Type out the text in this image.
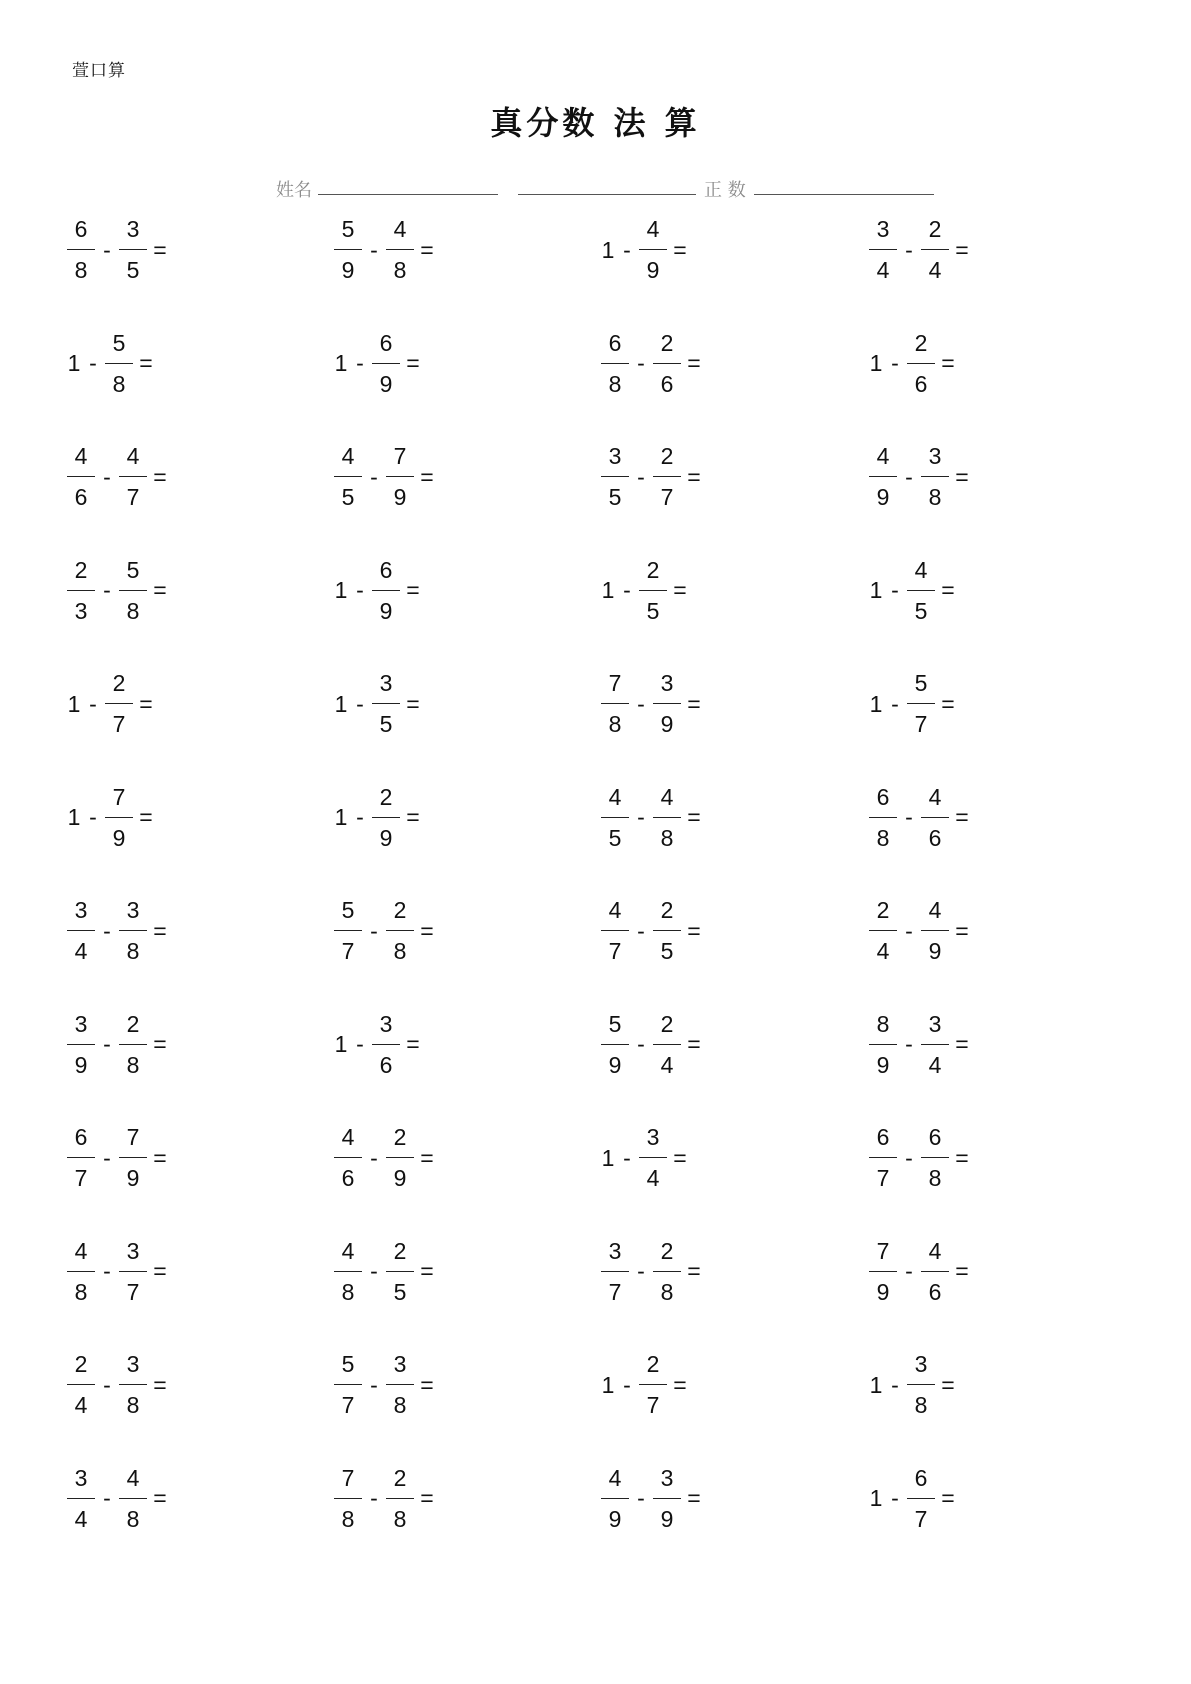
萱口算
真分数 法 算
姓名	正 数
$\frac{6}{8} - \frac{3}{5}$ =	$\frac{5}{9} - \frac{4}{8}$ =	$1 - \frac{4}{9}$ =	$\frac{3}{4} - \frac{2}{4}$ =
$1 - \frac{5}{8}$ =	$1 - \frac{6}{9}$ =	$\frac{6}{8} - \frac{2}{6}$ =	$1 - \frac{2}{6}$ =
$\frac{4}{6} - \frac{4}{7}$ =	$\frac{4}{5} - \frac{7}{9}$ =	$\frac{3}{5} - \frac{2}{7}$ =	$\frac{4}{9} - \frac{3}{8}$ =
$\frac{2}{3} - \frac{5}{8}$ =	$1 - \frac{6}{9}$ =	$1 - \frac{2}{5}$ =	$1 - \frac{4}{5}$ =
$1 - \frac{2}{7}$ =	$1 - \frac{3}{5}$ =	$\frac{7}{8} - \frac{3}{9}$ =	$1 - \frac{5}{7}$ =
$1 - \frac{7}{9}$ =	$1 - \frac{2}{9}$ =	$\frac{4}{5} - \frac{4}{8}$ =	$\frac{6}{8} - \frac{4}{6}$ =
$\frac{3}{4} - \frac{3}{8}$ =	$\frac{5}{7} - \frac{2}{8}$ =	$\frac{4}{7} - \frac{2}{5}$ =	$\frac{2}{4} - \frac{4}{9}$ =
$\frac{3}{9} - \frac{2}{8}$ =	$1 - \frac{3}{6}$ =	$\frac{5}{9} - \frac{2}{4}$ =	$\frac{8}{9} - \frac{3}{4}$ =
$\frac{6}{7} - \frac{7}{9}$ =	$\frac{4}{6} - \frac{2}{9}$ =	$1 - \frac{3}{4}$ =	$\frac{6}{7} - \frac{6}{8}$ =
$\frac{4}{8} - \frac{3}{7}$ =	$\frac{4}{8} - \frac{2}{5}$ =	$\frac{3}{7} - \frac{2}{8}$ =	$\frac{7}{9} - \frac{4}{6}$ =
$\frac{2}{4} - \frac{3}{8}$ =	$\frac{5}{7} - \frac{3}{8}$ =	$1 - \frac{2}{7}$ =	$1 - \frac{3}{8}$ =
$\frac{3}{4} - \frac{4}{8}$ =	$\frac{7}{8} - \frac{2}{8}$ =	$\frac{4}{9} - \frac{3}{9}$ =	$1 - \frac{6}{7}$ =
